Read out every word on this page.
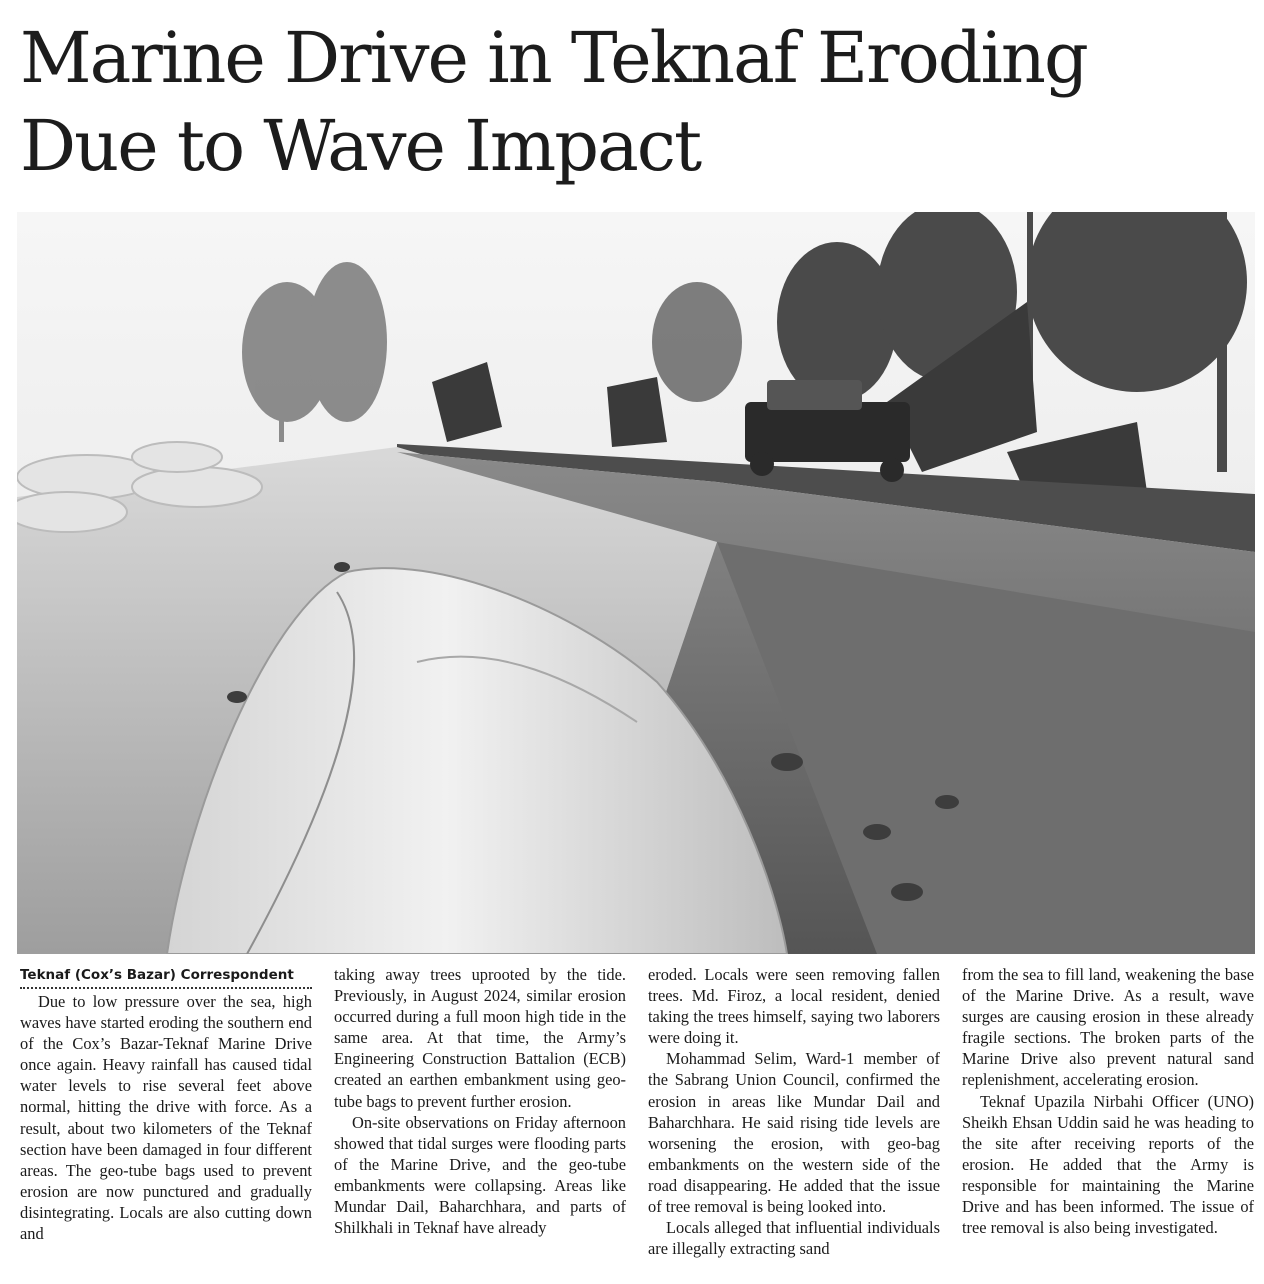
Marine Drive in Teknaf Eroding
Due to Wave Impact
Teknaf (Cox’s Bazar) Correspondent

Due to low pressure over the sea, high waves have started eroding the southern end of the Cox’s Bazar-Teknaf Marine Drive once again. Heavy rainfall has caused tidal water levels to rise several feet above normal, hitting the drive with force. As a result, about two kilometers of the Teknaf section have been damaged in four different areas. The geo-tube bags used to prevent erosion are now punctured and gradually disintegrating. Locals are also cutting down and

taking away trees uprooted by the tide. Previously, in August 2024, similar erosion occurred during a full moon high tide in the same area. At that time, the Army’s Engineering Construction Battalion (ECB) created an earthen embankment using geo-tube bags to prevent further erosion.

On-site observations on Friday afternoon showed that tidal surges were flooding parts of the Marine Drive, and the geo-tube embankments were collapsing. Areas like Mundar Dail, Baharchhara, and parts of Shilkhali in Teknaf have already

eroded. Locals were seen removing fallen trees. Md. Firoz, a local resident, denied taking the trees himself, saying two laborers were doing it.

Mohammad Selim, Ward-1 member of the Sabrang Union Council, confirmed the erosion in areas like Mundar Dail and Baharchhara. He said rising tide levels are worsening the erosion, with geo-bag embankments on the western side of the road disappearing. He added that the issue of tree removal is being looked into.

Locals alleged that influential individuals are illegally extracting sand

from the sea to fill land, weakening the base of the Marine Drive. As a result, wave surges are causing erosion in these already fragile sections. The broken parts of the Marine Drive also prevent natural sand replenishment, accelerating erosion.

Teknaf Upazila Nirbahi Officer (UNO) Sheikh Ehsan Uddin said he was heading to the site after receiving reports of the erosion. He added that the Army is responsible for maintaining the Marine Drive and has been informed. The issue of tree removal is also being investigated.
